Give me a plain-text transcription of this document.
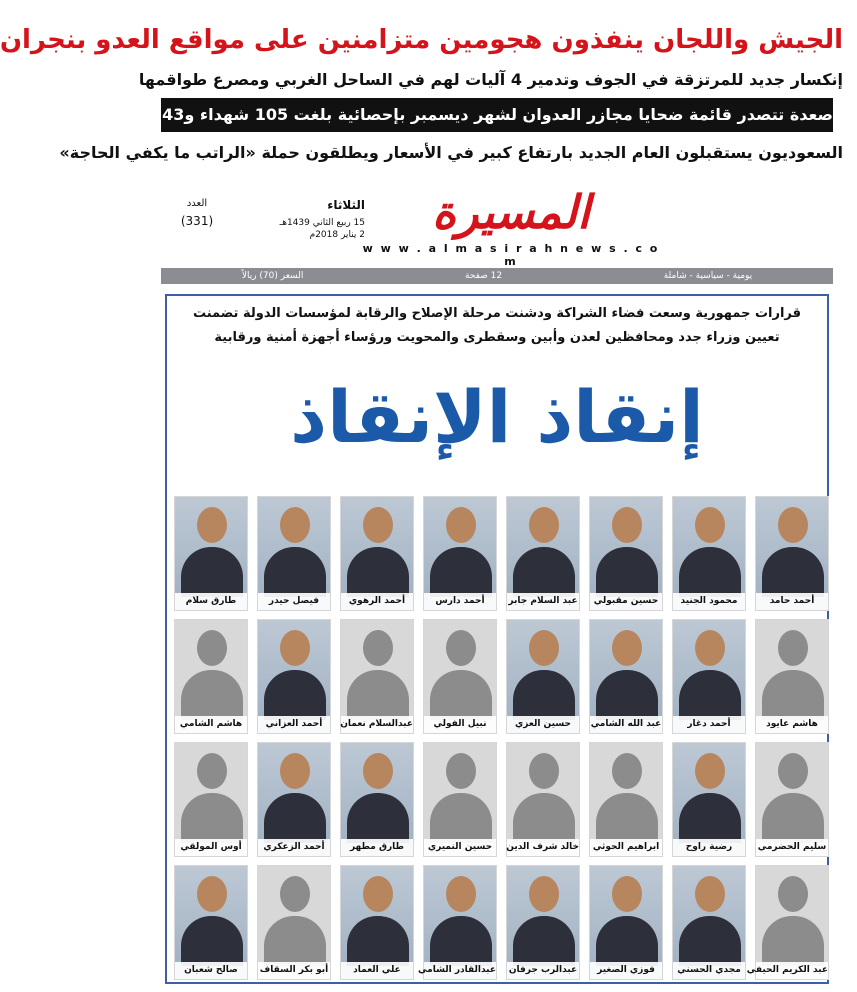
الجيش واللجان ينفذون هجومين متزامنين على مواقع العدو بنجران
إنكسار جديد للمرتزقة في الجوف وتدمير 4 آليات لهم في الساحل الغربي ومصرع طواقمها
صعدة تتصدر قائمة ضحايا مجازر العدوان لشهر ديسمبر بإحصائية بلغت 105 شهداء و43 جريحاً
السعوديون يستقبلون العام الجديد بارتفاع كبير في الأسعار ويطلقون حملة «الراتب ما يكفي الحاجة»
المسيرة
w w w . a l m a s i r a h n e w s . c o m
الثلاثاء
15 ربيع الثاني 1439هـ
2 يناير 2018م
العدد
(331)
يومية - سياسية - شاملة
12 صفحة
السعر (70) ريالاً
قرارات جمهورية وسعت فضاء الشراكة ودشنت مرحلة الإصلاح والرقابة لمؤسسات الدولة تضمنت
تعيين وزراء جدد ومحافظين لعدن وأبين وسقطرى والمحويت ورؤساء أجهزة أمنية ورقابية
إنقاذ الإنقاذ
أحمد حامد
محمود الجنيد
حسين مقبولي
عبد السلام جابر
أحمد دارس
أحمد الرهوي
فيصل حيدر
طارق سلام
هاشم عايود
أحمد دغار
عبد الله الشامي
حسين العزي
نبيل الفولي
عبدالسلام نعمان
أحمد العزاني
هاشم الشامي
سليم الحضرمي
رضية راوح
ابراهيم الحوثي
خالد شرف الدين
حسين النميري
طارق مطهر
أحمد الزعكري
أوس المولقي
عبد الكريم الحيفي
مجدي الحسني
فوزي الصغير
عبدالرب جرفان
عبدالقادر الشامي
علي العماد
أبو بكر السقاف
صالح شعبان
